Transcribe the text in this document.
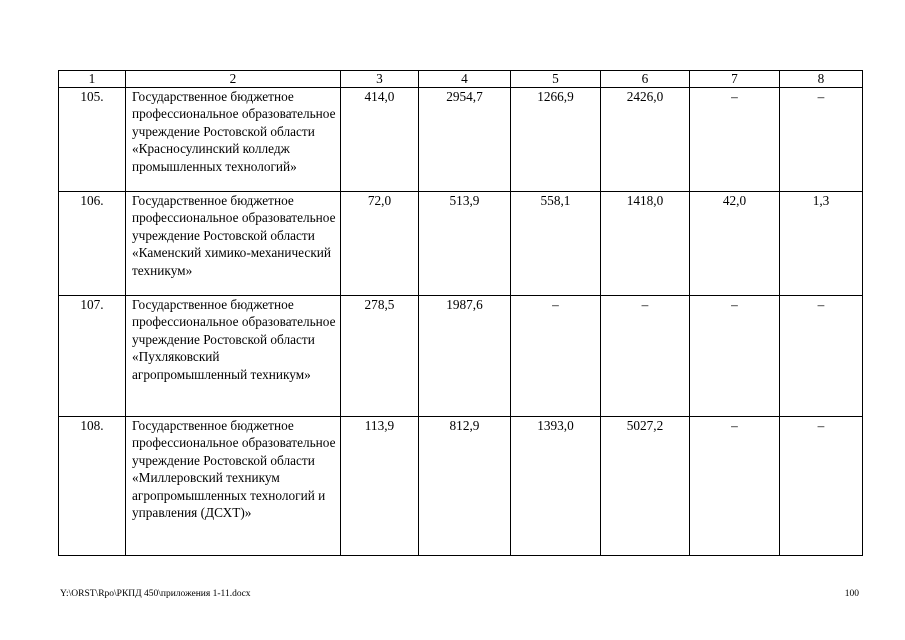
1	2	3	4	5	6	7	8
105.	Государственное бюджетное профессиональное образовательное учреждение Ростовской области «Красносулинский колледж промышленных технологий»	414,0	2954,7	1266,9	2426,0	–	–
106.	Государственное бюджетное профессиональное образовательное учреждение Ростовской области «Каменский химико-механический техникум»	72,0	513,9	558,1	1418,0	42,0	1,3
107.	Государственное бюджетное профессиональное образовательное учреждение Ростовской области «Пухляковский агропромышленный техникум»	278,5	1987,6	–	–	–	–
108.	Государственное бюджетное профессиональное образовательное учреждение Ростовской области «Миллеровский техникум агропромышленных технологий и управления (ДСХТ)»	113,9	812,9	1393,0	5027,2	–	–
Y:\ORST\Rpo\РКПД 450\приложения 1-11.docx	100
